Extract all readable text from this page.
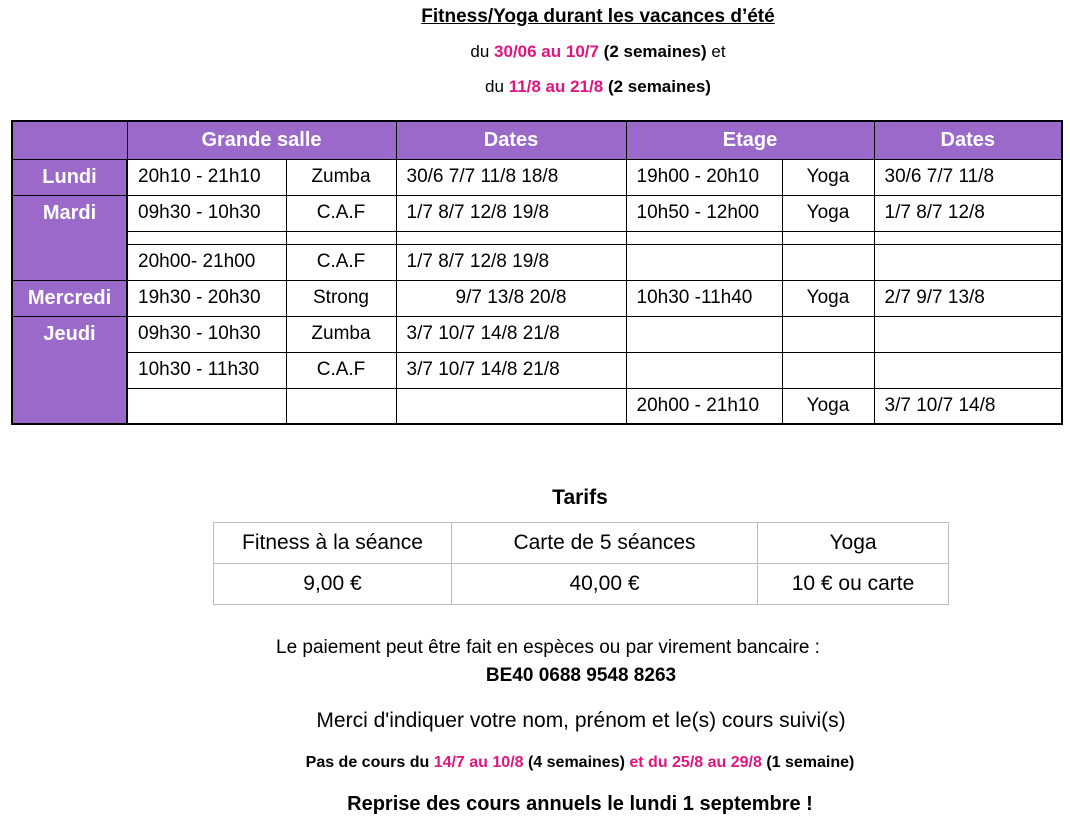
Fitness/Yoga durant les vacances d’été
du 30/06 au 10/7 (2 semaines) et
du 11/8 au 21/8 (2 semaines)
	Grande salle		Dates	Etage		Dates
Lundi	20h10 - 21h10	Zumba	30/6 7/7 11/8 18/8	19h00 - 20h10	Yoga	30/6 7/7 11/8
Mardi	09h30 - 10h30	C.A.F	1/7 8/7 12/8 19/8	10h50 - 12h00	Yoga	1/7 8/7 12/8

	20h00- 21h00	C.A.F	1/7 8/7 12/8 19/8			
Mercredi	19h30 - 20h30	Strong	9/7 13/8 20/8	10h30 -11h40	Yoga	2/7 9/7 13/8
Jeudi	09h30 - 10h30	Zumba	3/7 10/7 14/8 21/8			
	10h30 - 11h30	C.A.F	3/7 10/7 14/8 21/8			
				20h00 - 21h10	Yoga	3/7 10/7 14/8
Tarifs
Fitness à la séance	Carte de 5 séances	Yoga
9,00 €	40,00 €	10 € ou carte
Le paiement peut être fait en espèces ou par virement bancaire :
BE40 0688 9548 8263
Merci d'indiquer votre nom, prénom et le(s) cours suivi(s)
Pas de cours du 14/7 au 10/8 (4 semaines) et du 25/8 au 29/8 (1 semaine)
Reprise des cours annuels le lundi 1 septembre !
